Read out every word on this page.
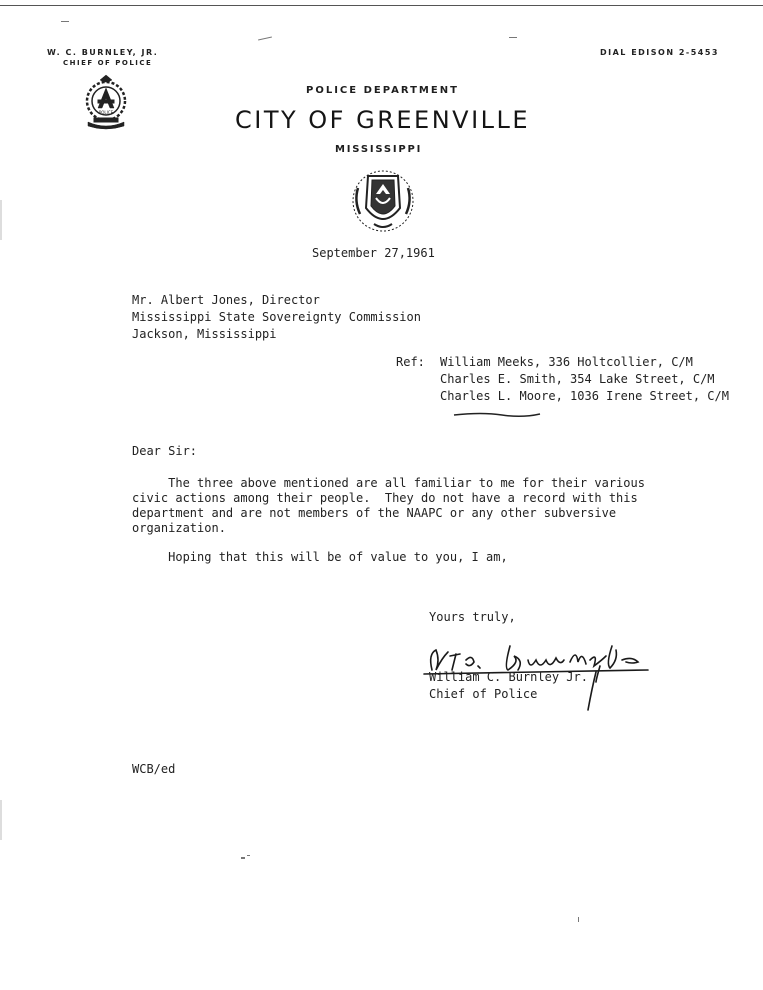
W. C. BURNLEY, JR.
CHIEF OF POLICE
DIAL EDISON 2-5453
POLICE
POLICE DEPARTMENT
CITY OF GREENVILLE
MISSISSIPPI
September 27,1961
Mr. Albert Jones, Director
Mississippi State Sovereignty Commission
Jackson, Mississippi
Ref: William Meeks, 336 Holtcollier, C/M
Charles E. Smith, 354 Lake Street, C/M
Charles L. Moore, 1036 Irene Street, C/M
Dear Sir:
The three above mentioned are all familiar to me for their various
civic actions among their people.  They do not have a record with this
department and are not members of the NAAPC or any other subversive
organization.
Hoping that this will be of value to you, I am,
Yours truly,
William C. Burnley Jr.
Chief of Police
WCB/ed
